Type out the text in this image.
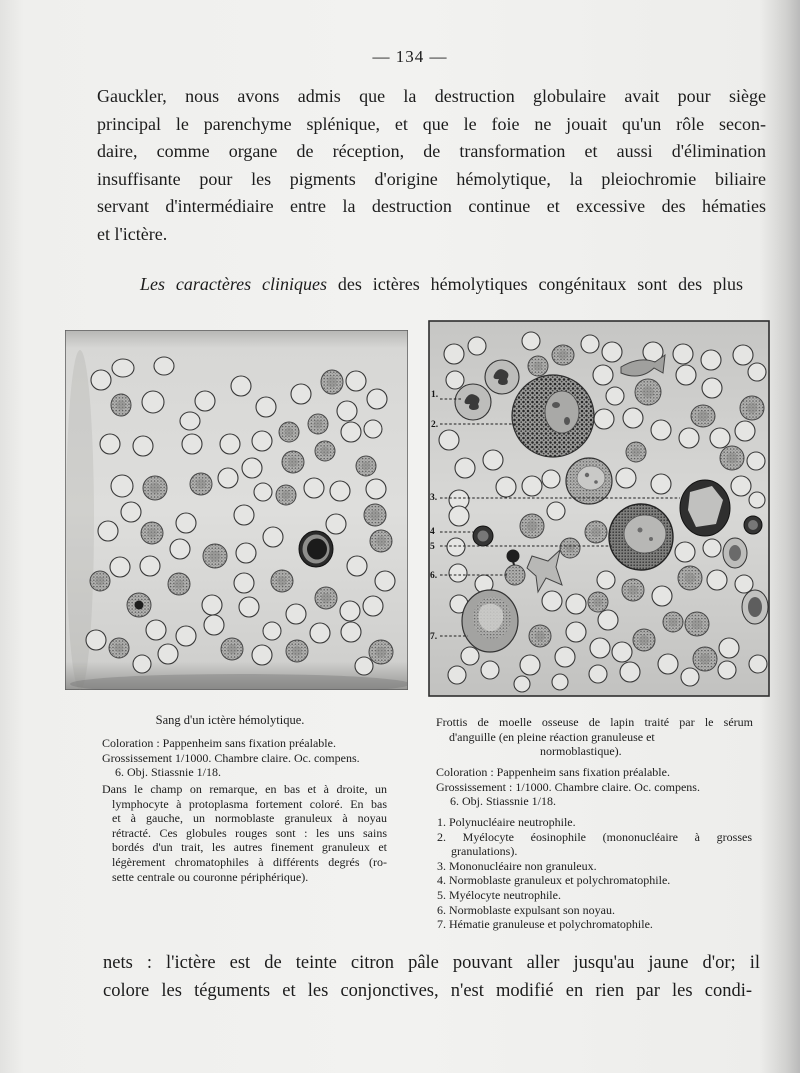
— 134 —
Gauckler, nous avons admis que la destruction globulaire avait pour siège
principal le parenchyme splénique, et que le foie ne jouait qu'un rôle secon-
daire, comme organe de réception, de transformation et aussi d'élimination
insuffisante pour les pigments d'origine hémolytique, la pleiochromie biliaire
servant d'intermédiaire entre la destruction continue et excessive des hématies
et l'ictère.
Les caractères cliniques des ictères hémolytiques congénitaux sont des plus
1.
2.
3.
4
5
6.
7.
Sang d'un ictère hémolytique.
Coloration : Pappenheim sans fixation préalable.
Grossissement 1/1000. Chambre claire. Oc. compens.
6. Obj. Stiassnie 1/18.
Dans le champ on remarque, en bas et à droite, un
lymphocyte à protoplasma fortement coloré. En bas
et à gauche, un normoblaste granuleux à noyau
rétracté. Ces globules rouges sont : les uns sains
bordés d'un trait, les autres finement granuleux et
légèrement chromatophiles à différents degrés (ro-
sette centrale ou couronne périphérique).
Frottis de moelle osseuse de lapin traité par le sérum
d'anguille (en pleine réaction granuleuse et
normoblastique).
Coloration : Pappenheim sans fixation préalable.
Grossissement : 1/1000. Chambre claire. Oc. compens.
6. Obj. Stiassnie 1/18.
1. Polynucléaire neutrophile.
2. Myélocyte éosinophile (mononucléaire à grosses
granulations).
3. Mononucléaire non granuleux.
4. Normoblaste granuleux et polychromatophile.
5. Myélocyte neutrophile.
6. Normoblaste expulsant son noyau.
7. Hématie granuleuse et polychromatophile.
nets : l'ictère est de teinte citron pâle pouvant aller jusqu'au jaune d'or; il
colore les téguments et les conjonctives, n'est modifié en rien par les condi-
